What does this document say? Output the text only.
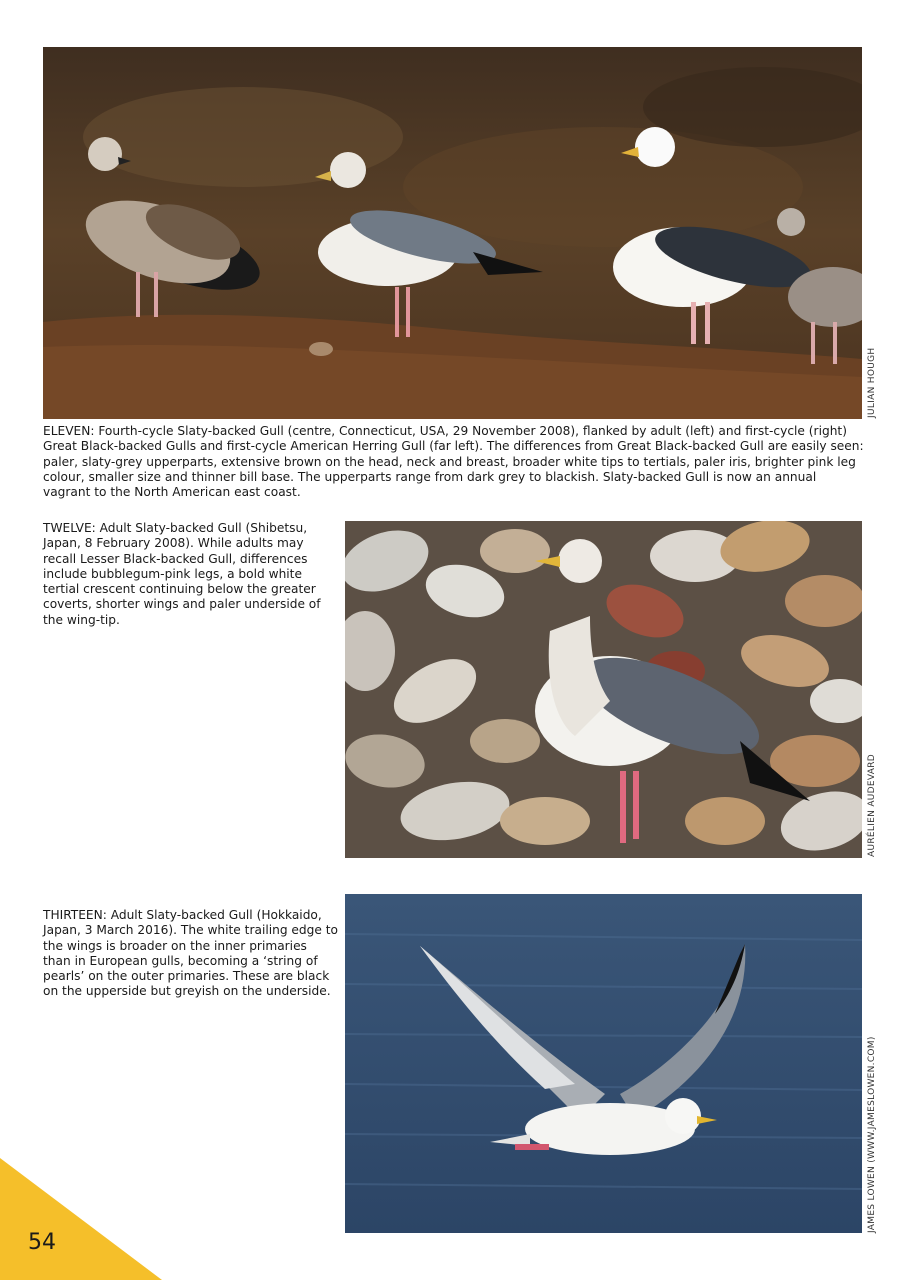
ELEVEN: Fourth-cycle Slaty-backed Gull (centre, Connecticut, USA, 29 November 2008), flanked by adult (left) and first-cycle (right) Great Black-backed Gulls and first-cycle American Herring Gull (far left). The differences from Great Black-backed Gull are easily seen: paler, slaty-grey upperparts, extensive brown on the head, neck and breast, broader white tips to tertials, paler iris, brighter pink leg colour, smaller size and thinner bill base. The upperparts range from dark grey to blackish. Slaty-backed Gull is now an annual vagrant to the North American east coast.

JULIAN HOUGH

TWELVE: Adult Slaty-backed Gull (Shibetsu, Japan, 8 February 2008). While adults may recall Lesser Black-backed Gull, differences include bubblegum-pink legs, a bold white tertial crescent continuing below the greater coverts, shorter wings and paler underside of the wing-tip.

AURÉLIEN AUDEVARD

THIRTEEN: Adult Slaty-backed Gull (Hokkaido, Japan, 3 March 2016). The white trailing edge to the wings is broader on the inner primaries than in European gulls, becoming a ‘string of pearls’ on the outer primaries. These are black on the upperside but greyish on the underside.

JAMES LOWEN (WWW.JAMESLOWEN.COM)
54
